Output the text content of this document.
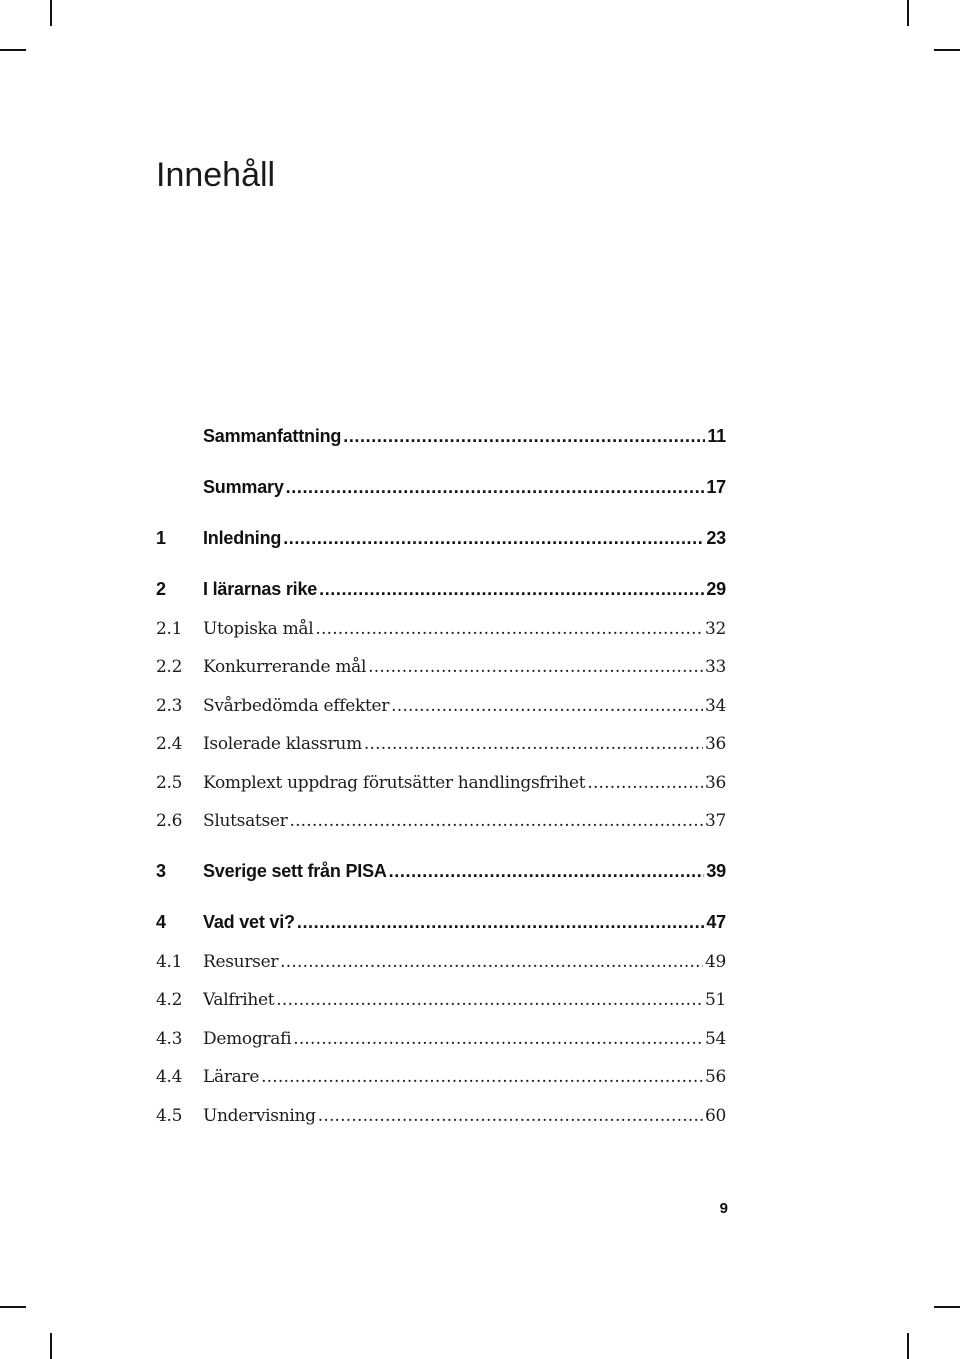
Innehåll
Sammanfattning . . .	11
Summary . . .	17
1	Inledning . . .	23
2	I lärarnas rike . . .	29
2.1	Utopiska mål . . .	32
2.2	Konkurrerande mål . . .	33
2.3	Svårbedömda effekter . . .	34
2.4	Isolerade klassrum . . .	36
2.5	Komplext uppdrag förutsätter handlingsfrihet . . .	36
2.6	Slutsatser . . .	37
3	Sverige sett från PISA . . .	39
4	Vad vet vi? . . .	47
4.1	Resurser . . .	49
4.2	Valfrihet . . .	51
4.3	Demografi . . .	54
4.4	Lärare . . .	56
4.5	Undervisning . . .	60
9
